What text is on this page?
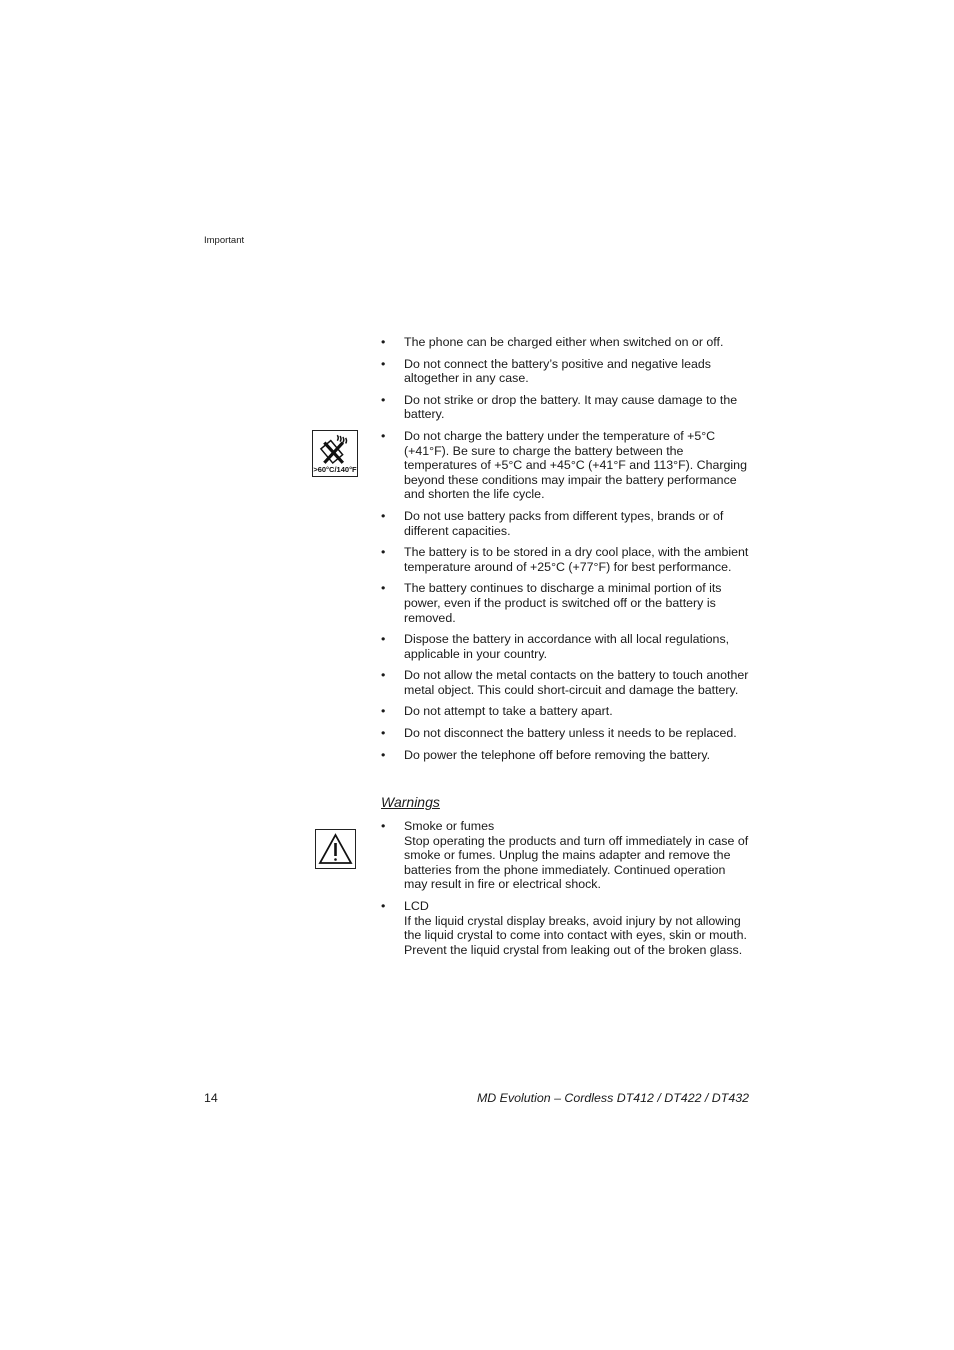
Important
>60°C/140°F
• The phone can be charged either when switched on or off.
• Do not connect the battery’s positive and negative leads altogether in any case.
• Do not strike or drop the battery. It may cause damage to the battery.
• Do not charge the battery under the temperature of +5°C (+41°F). Be sure to charge the battery between the temperatures of +5°C and +45°C (+41°F and 113°F). Charging beyond these conditions may impair the battery performance and shorten the life cycle.
• Do not use battery packs from different types, brands or of different capacities.
• The battery is to be stored in a dry cool place, with the ambient temperature around of +25°C (+77°F) for best performance.
• The battery continues to discharge a minimal portion of its power, even if the product is switched off or the battery is removed.
• Dispose the battery in accordance with all local regulations, applicable in your country.
• Do not allow the metal contacts on the battery to touch another metal object. This could short-circuit and damage the battery.
• Do not attempt to take a battery apart.
• Do not disconnect the battery unless it needs to be replaced.
• Do power the telephone off before removing the battery.
Warnings
• Smoke or fumes
Stop operating the products and turn off immediately in case of smoke or fumes. Unplug the mains adapter and remove the batteries from the phone immediately. Continued operation may result in fire or electrical shock.
• LCD
If the liquid crystal display breaks, avoid injury by not allowing the liquid crystal to come into contact with eyes, skin or mouth. Prevent the liquid crystal from leaking out of the broken glass.
14	MD Evolution – Cordless DT412 / DT422 / DT432
